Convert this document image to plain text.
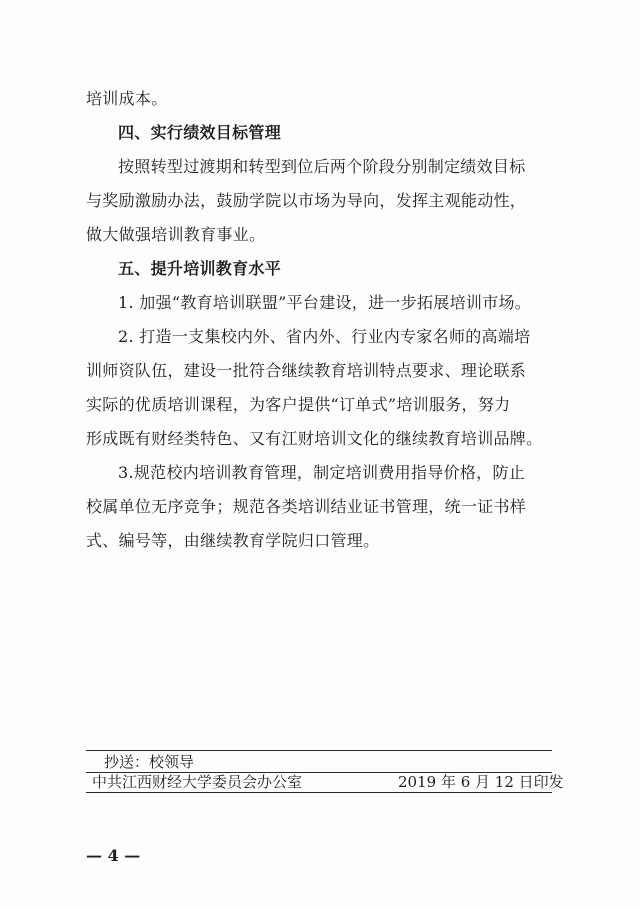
培训成本。
四、实行绩效目标管理
按照转型过渡期和转型到位后两个阶段分别制定绩效目标
与奖励激励办法，鼓励学院以市场为导向，发挥主观能动性，
做大做强培训教育事业。
五、提升培训教育水平
1. 加强“教育培训联盟”平台建设，进一步拓展培训市场。
2. 打造一支集校内外、省内外、行业内专家名师的高端培
训师资队伍，建设一批符合继续教育培训特点要求、理论联系
实际的优质培训课程，为客户提供“订单式”培训服务，努力
形成既有财经类特色、又有江财培训文化的继续教育培训品牌。
3.规范校内培训教育管理，制定培训费用指导价格，防止
校属单位无序竞争；规范各类培训结业证书管理，统一证书样
式、编号等，由继续教育学院归口管理。
抄送：校领导
中共江西财经大学委员会办公室	2019 年 6 月 12 日印发
— 4 —
